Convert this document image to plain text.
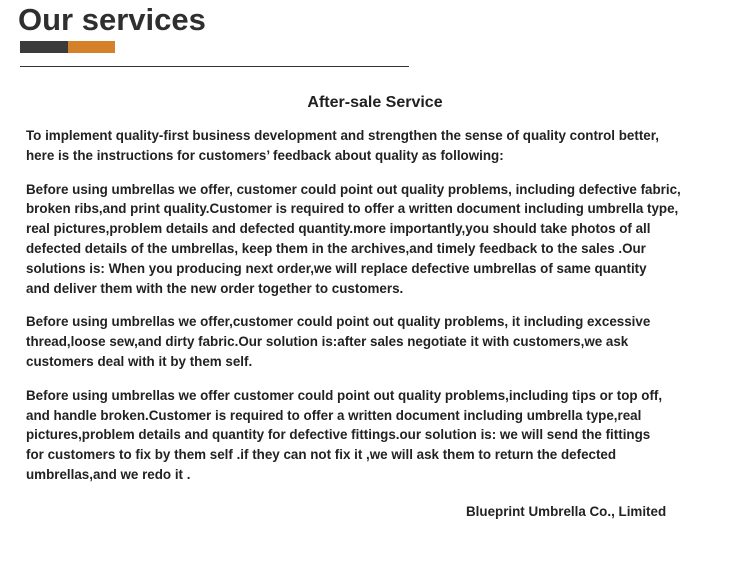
Our services
After-sale Service

To implement quality-first business development and strengthen the sense of quality control better,
here is the instructions for customers’ feedback about quality as following:

Before using umbrellas we offer, customer could point out quality problems, including defective fabric,
broken ribs,and print quality.Customer is required to offer a written document including umbrella type,
real pictures,problem details and defected quantity.more importantly,you should take photos of all
defected details of the umbrellas, keep them in the archives,and timely feedback to the sales .Our
solutions is: When you producing next order,we will replace defective umbrellas of same quantity
and deliver them with the new order together to customers.

Before using umbrellas we offer,customer could point out quality problems, it including excessive
thread,loose sew,and dirty fabric.Our solution is:after sales negotiate it with customers,we ask
customers deal with it by them self.

Before using umbrellas we offer customer could point out quality problems,including tips or top off,
and handle broken.Customer is required to offer a written document including umbrella type,real
pictures,problem details and quantity for defective fittings.our solution is: we will send the fittings
for customers to fix by them self .if they can not fix it ,we will ask them to return the defected
umbrellas,and we redo it .

Blueprint Umbrella Co., Limited
